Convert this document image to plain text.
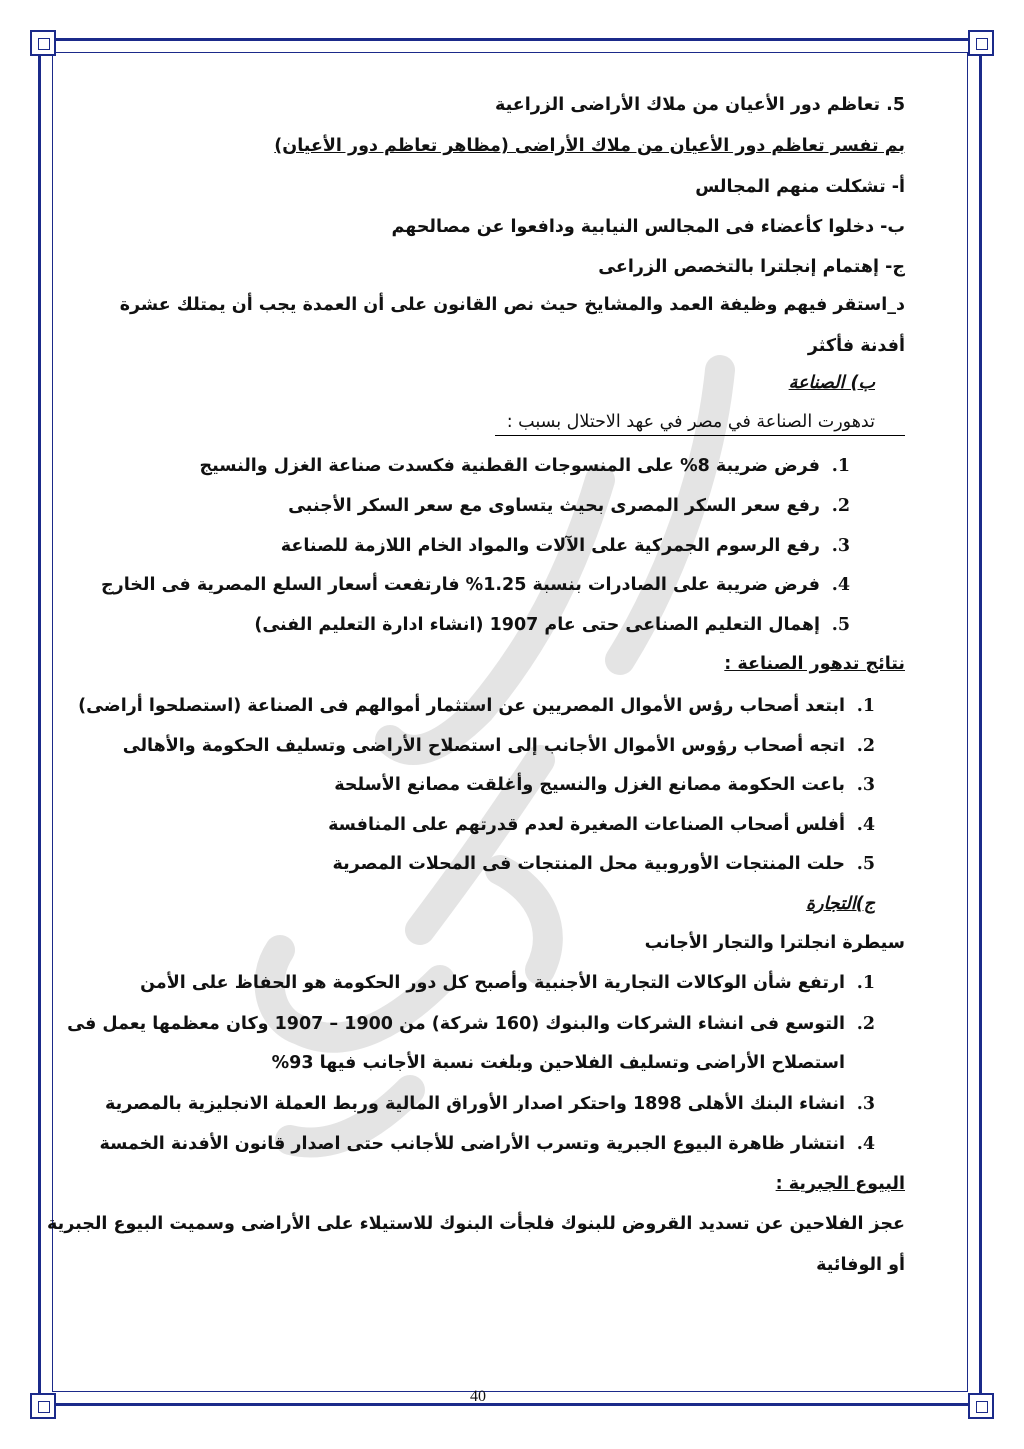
5. تعاظم دور الأعيان من ملاك الأراضى الزراعية
بم تفسر تعاظم دور الأعيان من ملاك الأراضى (مظاهر تعاظم دور الأعيان)
أ- تشكلت منهم المجالس
ب- دخلوا كأعضاء فى المجالس النيابية ودافعوا عن مصالحهم
ج- إهتمام إنجلترا بالتخصص الزراعى
د_استقر فيهم وظيفة العمد والمشايخ حيث نص القانون على أن العمدة يجب أن يمتلك عشرة
أفدنة فأكثر
ب) الصناعة
تدهورت الصناعة في مصر في عهد الاحتلال بسبب :
1.فرض ضريبة 8% على المنسوجات القطنية فكسدت صناعة الغزل والنسيج
2.رفع سعر السكر المصرى بحيث يتساوى مع سعر السكر الأجنبى
3.رفع الرسوم الجمركية على الآلات والمواد الخام اللازمة للصناعة
4.فرض ضريبة على الصادرات بنسبة 1.25% فارتفعت أسعار السلع المصرية فى الخارج
5.إهمال التعليم الصناعى حتى عام 1907 (انشاء ادارة التعليم الفنى)
نتائج تدهور الصناعة :
1.ابتعد أصحاب رؤس الأموال المصريين عن استثمار أموالهم فى الصناعة (استصلحوا أراضى)
2.اتجه أصحاب رؤوس الأموال الأجانب إلى استصلاح الأراضى وتسليف الحكومة والأهالى
3.باعت الحكومة مصانع الغزل والنسيج وأغلقت مصانع الأسلحة
4.أفلس أصحاب الصناعات الصغيرة لعدم قدرتهم على المنافسة
5.حلت المنتجات الأوروبية محل المنتجات فى المحلات المصرية
ج)التجارة
سيطرة انجلترا والتجار الأجانب
1.ارتفع شأن الوكالات التجارية الأجنبية وأصبح كل دور الحكومة هو الحفاظ على الأمن
2.التوسع فى انشاء الشركات والبنوك (160 شركة) من 1900 – 1907 وكان معظمها يعمل فى
استصلاح الأراضى وتسليف الفلاحين وبلغت نسبة الأجانب فيها 93%
3.انشاء البنك الأهلى 1898 واحتكر اصدار الأوراق المالية وربط العملة الانجليزية بالمصرية
4.انتشار ظاهرة البيوع الجبرية وتسرب الأراضى للأجانب حتى اصدار قانون الأفدنة الخمسة
البيوع الجبرية :
عجز الفلاحين عن تسديد القروض للبنوك فلجأت البنوك للاستيلاء على الأراضى وسميت البيوع الجبرية
أو الوفائية
40
